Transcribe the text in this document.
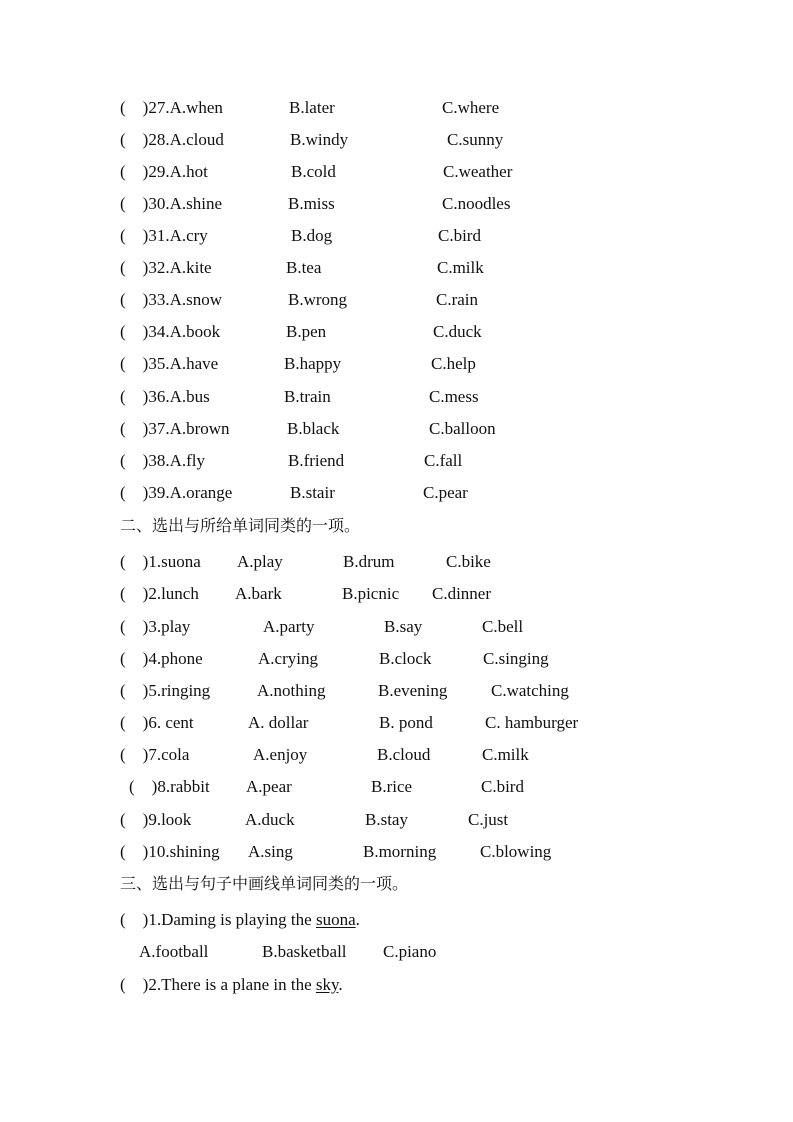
(    )27.A.when	B.later	C.where
(    )28.A.cloud	B.windy	C.sunny
(    )29.A.hot	B.cold	C.weather
(    )30.A.shine	B.miss	C.noodles
(    )31.A.cry	B.dog	C.bird
(    )32.A.kite	B.tea	C.milk
(    )33.A.snow	B.wrong	C.rain
(    )34.A.book	B.pen	C.duck
(    )35.A.have	B.happy	C.help
(    )36.A.bus	B.train	C.mess
(    )37.A.brown	B.black	C.balloon
(    )38.A.fly	B.friend	C.fall
(    )39.A.orange	B.stair	C.pear
二、选出与所给单词同类的一项。
(    )1.suona A.play	B.drum	C.bike
(    )2.lunch A.bark	B.picnic C.dinner
(    )3.play	A.party	B.say	C.bell
(    )4.phone	A.crying	B.clock	C.singing
(    )5.ringing	A.nothing	B.evening	C.watching
(    )6. cent	A. dollar	B. pond	C. hamburger
(    )7.cola	A.enjoy	B.cloud	C.milk
(    )8.rabbit A.pear	B.rice	C.bird
(    )9.look	A.duck	B.stay	C.just
(    )10.shining A.sing	B.morning	C.blowing
三、选出与句子中画线单词同类的一项。
(    )1.Daming is playing the suona.
A.football	B.basketball C.piano
(    )2.There is a plane in the sky.
